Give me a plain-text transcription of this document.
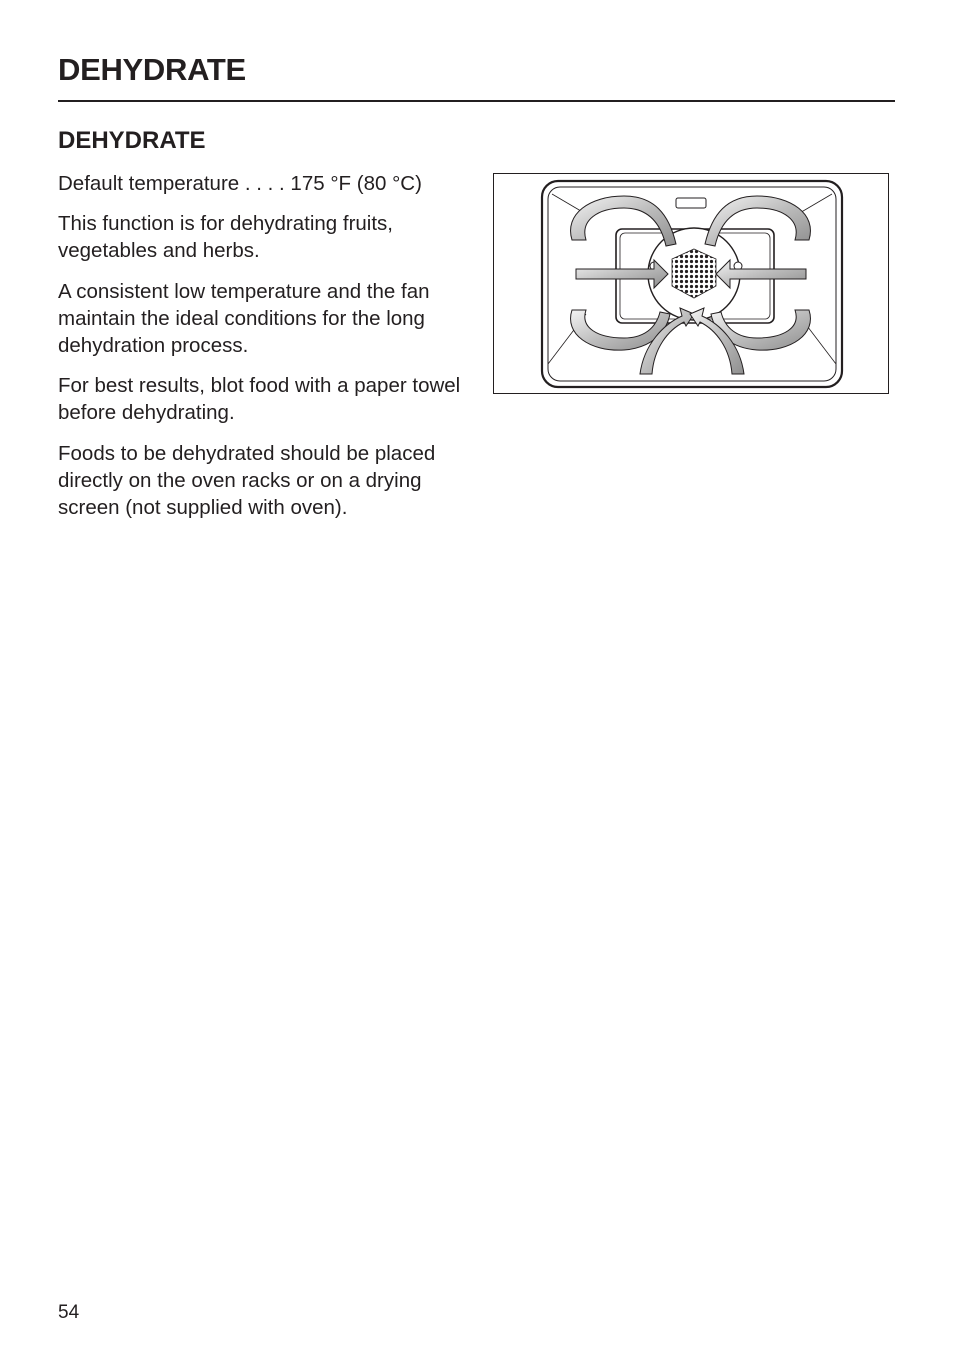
DEHYDRATE
DEHYDRATE

Default temperature . . . . 175 °F (80 °C)

This function is for dehydrating fruits, vegetables and herbs.

A consistent low temperature and the fan maintain the ideal conditions for the long dehydration process.

For best results, blot food with a paper towel before dehydrating.

Foods to be dehydrated should be placed directly on the oven racks or on a drying screen (not supplied with oven).

54
